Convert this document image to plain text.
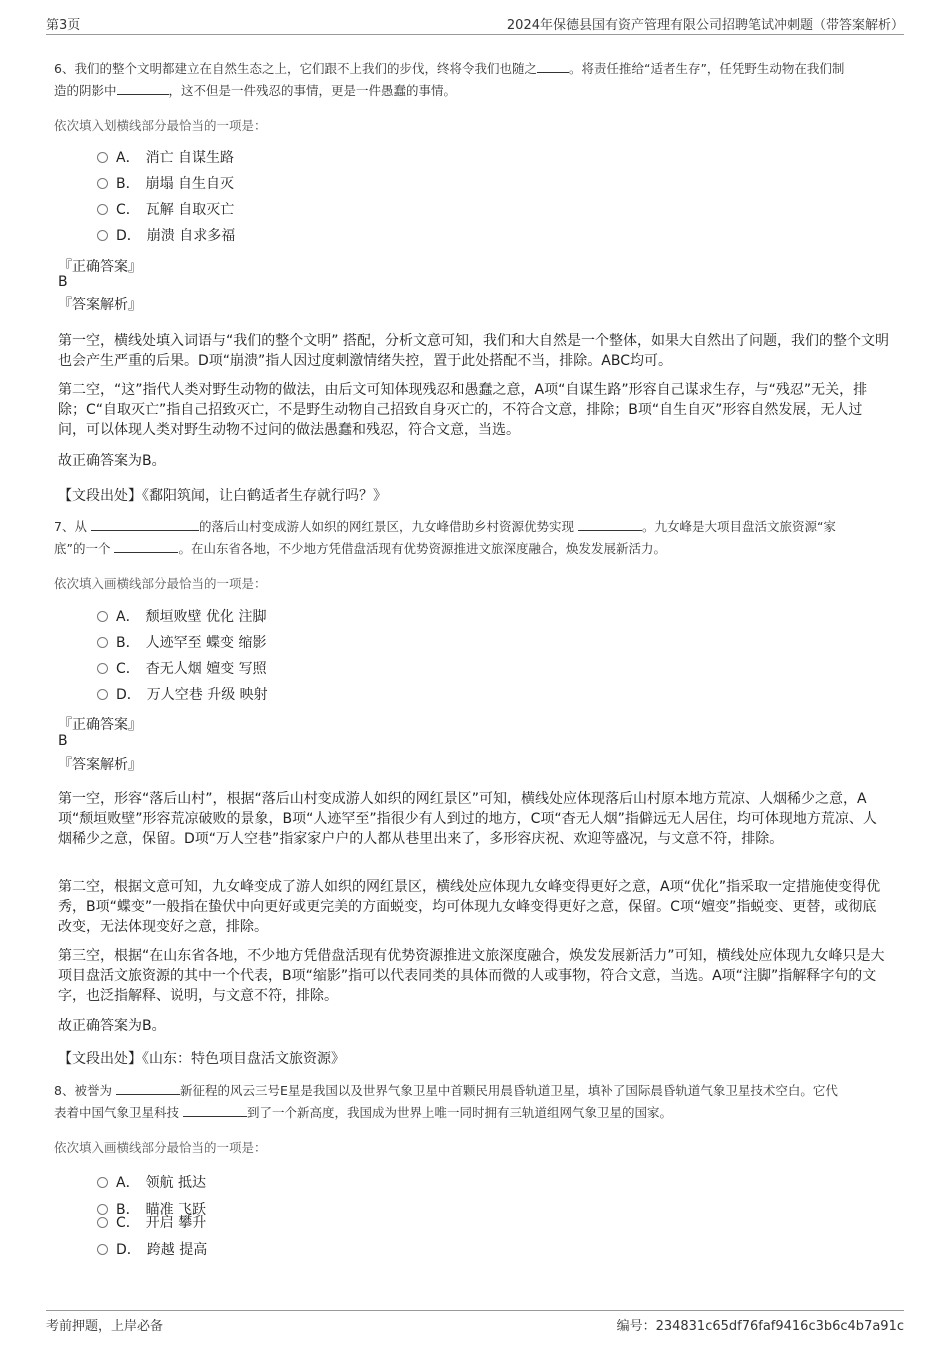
第3页	2024年保德县国有资产管理有限公司招聘笔试冲刺题（带答案解析）
6、我们的整个文明都建立在自然生态之上，它们跟不上我们的步伐，终将令我们也随之	。将责任推给“适者生存”，任凭野生动物在我们制
造的阴影中	，这不但是一件残忍的事情，更是一件愚蠢的事情。
依次填入划横线部分最恰当的一项是：
A． 消亡 自谋生路
B． 崩塌 自生自灭
C． 瓦解 自取灭亡
D． 崩溃 自求多福
『正确答案』
B
『答案解析』
第一空，横线处填入词语与“我们的整个文明” 搭配，分析文意可知，我们和大自然是一个整体，如果大自然出了问题，我们的整个文明也会产生严重的后果。D项“崩溃”指人因过度刺激情绪失控，置于此处搭配不当，排除。ABC均可。
第二空，“这”指代人类对野生动物的做法，由后文可知体现残忍和愚蠢之意，A项“自谋生路”形容自己谋求生存，与“残忍”无关，排除；C“自取灭亡”指自己招致灭亡，不是野生动物自己招致自身灭亡的，不符合文意，排除；B项“自生自灭”形容自然发展，无人过问，可以体现人类对野生动物不过问的做法愚蠢和残忍，符合文意，当选。
故正确答案为B。
【文段出处】《鄱阳筑闻，让白鹤适者生存就行吗？》
7、从	的落后山村变成游人如织的网红景区，九女峰借助乡村资源优势实现	。九女峰是大项目盘活文旅资源“家
底”的一个	。在山东省各地，不少地方凭借盘活现有优势资源推进文旅深度融合，焕发发展新活力。
依次填入画横线部分最恰当的一项是：
A． 颓垣败壁 优化 注脚
B． 人迹罕至 蝶变 缩影
C． 杳无人烟 嬗变 写照
D． 万人空巷 升级 映射
『正确答案』
B
『答案解析』
第一空，形容“落后山村”，根据“落后山村变成游人如织的网红景区”可知，横线处应体现落后山村原本地方荒凉、人烟稀少之意，A项“颓垣败壁”形容荒凉破败的景象，B项“人迹罕至”指很少有人到过的地方，C项“杳无人烟”指僻远无人居住，均可体现地方荒凉、人烟稀少之意，保留。D项“万人空巷”指家家户户的人都从巷里出来了，多形容庆祝、欢迎等盛况，与文意不符，排除。
第二空，根据文意可知，九女峰变成了游人如织的网红景区，横线处应体现九女峰变得更好之意，A项“优化”指采取一定措施使变得优秀，B项“蝶变”一般指在蛰伏中向更好或更完美的方面蜕变，均可体现九女峰变得更好之意，保留。C项“嬗变”指蜕变、更替，或彻底改变，无法体现变好之意，排除。
第三空，根据“在山东省各地，不少地方凭借盘活现有优势资源推进文旅深度融合，焕发发展新活力”可知，横线处应体现九女峰只是大项目盘活文旅资源的其中一个代表，B项“缩影”指可以代表同类的具体而微的人或事物，符合文意，当选。A项“注脚”指解释字句的文字，也泛指解释、说明，与文意不符，排除。
故正确答案为B。
【文段出处】《山东：特色项目盘活文旅资源》
8、被誉为	新征程的风云三号E星是我国以及世界气象卫星中首颗民用晨昏轨道卫星，填补了国际晨昏轨道气象卫星技术空白。它代
表着中国气象卫星科技	到了一个新高度，我国成为世界上唯一同时拥有三轨道组网气象卫星的国家。
依次填入画横线部分最恰当的一项是：
A． 领航 抵达
B． 瞄准 飞跃
C． 开启 攀升
D． 跨越 提高
考前押题，上岸必备	编号：234831c65df76faf9416c3b6c4b7a91c
